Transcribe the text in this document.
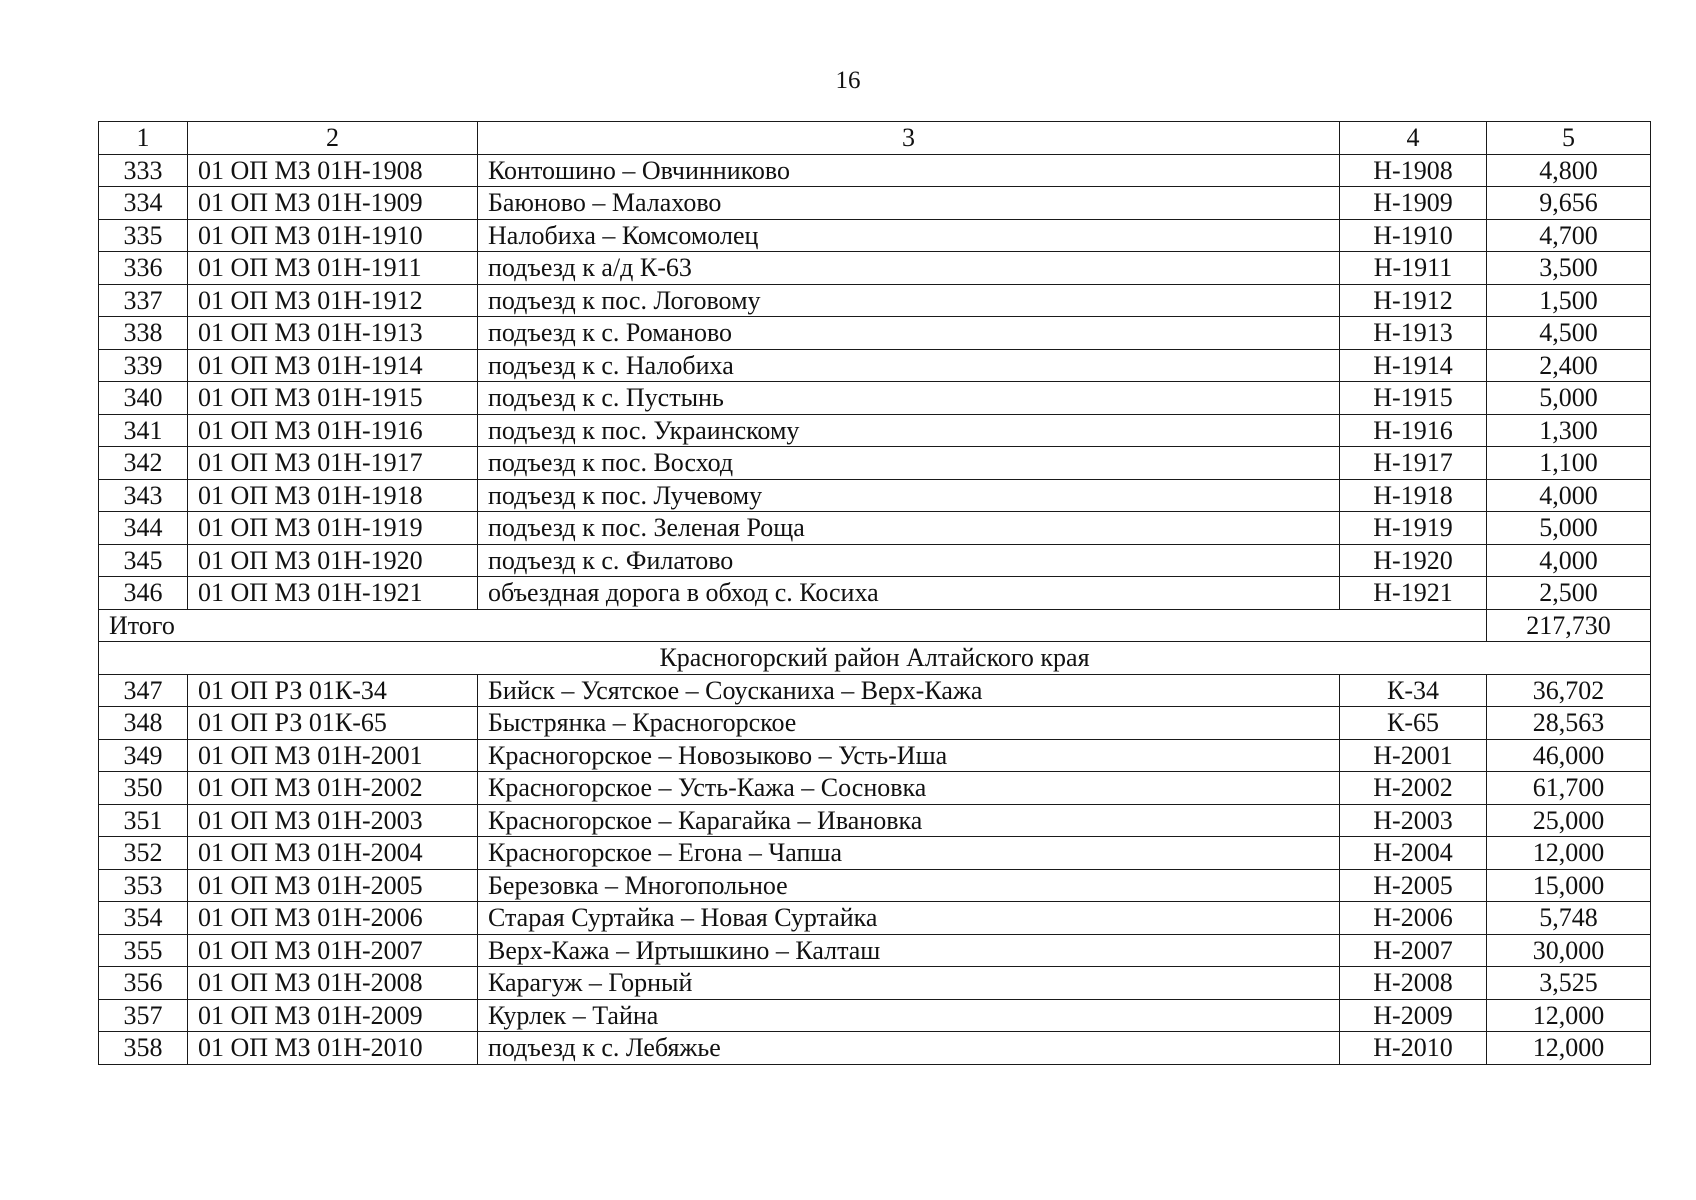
16
1	2	3	4	5
333	01 ОП МЗ 01Н-1908	Контошино – Овчинниково	Н-1908	4,800
334	01 ОП МЗ 01Н-1909	Баюново – Малахово	Н-1909	9,656
335	01 ОП МЗ 01Н-1910	Налобиха – Комсомолец	Н-1910	4,700
336	01 ОП МЗ 01Н-1911	подъезд к а/д К-63	Н-1911	3,500
337	01 ОП МЗ 01Н-1912	подъезд к пос. Логовому	Н-1912	1,500
338	01 ОП МЗ 01Н-1913	подъезд к с. Романово	Н-1913	4,500
339	01 ОП МЗ 01Н-1914	подъезд к с. Налобиха	Н-1914	2,400
340	01 ОП МЗ 01Н-1915	подъезд к с. Пустынь	Н-1915	5,000
341	01 ОП МЗ 01Н-1916	подъезд к пос. Украинскому	Н-1916	1,300
342	01 ОП МЗ 01Н-1917	подъезд к пос. Восход	Н-1917	1,100
343	01 ОП МЗ 01Н-1918	подъезд к пос. Лучевому	Н-1918	4,000
344	01 ОП МЗ 01Н-1919	подъезд к пос. Зеленая Роща	Н-1919	5,000
345	01 ОП МЗ 01Н-1920	подъезд к с. Филатово	Н-1920	4,000
346	01 ОП МЗ 01Н-1921	объездная дорога в обход с. Косиха	Н-1921	2,500
Итого				217,730
Красногорский район Алтайского края				
347	01 ОП РЗ 01К-34	Бийск – Усятское – Соусканиха – Верх-Кажа	К-34	36,702
348	01 ОП РЗ 01К-65	Быстрянка – Красногорское	К-65	28,563
349	01 ОП МЗ 01Н-2001	Красногорское – Новозыково – Усть-Иша	Н-2001	46,000
350	01 ОП МЗ 01Н-2002	Красногорское – Усть-Кажа – Сосновка	Н-2002	61,700
351	01 ОП МЗ 01Н-2003	Красногорское – Карагайка – Ивановка	Н-2003	25,000
352	01 ОП МЗ 01Н-2004	Красногорское – Егона – Чапша	Н-2004	12,000
353	01 ОП МЗ 01Н-2005	Березовка – Многопольное	Н-2005	15,000
354	01 ОП МЗ 01Н-2006	Старая Суртайка – Новая Суртайка	Н-2006	5,748
355	01 ОП МЗ 01Н-2007	Верх-Кажа – Иртышкино – Калташ	Н-2007	30,000
356	01 ОП МЗ 01Н-2008	Карагуж – Горный	Н-2008	3,525
357	01 ОП МЗ 01Н-2009	Курлек – Тайна	Н-2009	12,000
358	01 ОП МЗ 01Н-2010	подъезд к с. Лебяжье	Н-2010	12,000
